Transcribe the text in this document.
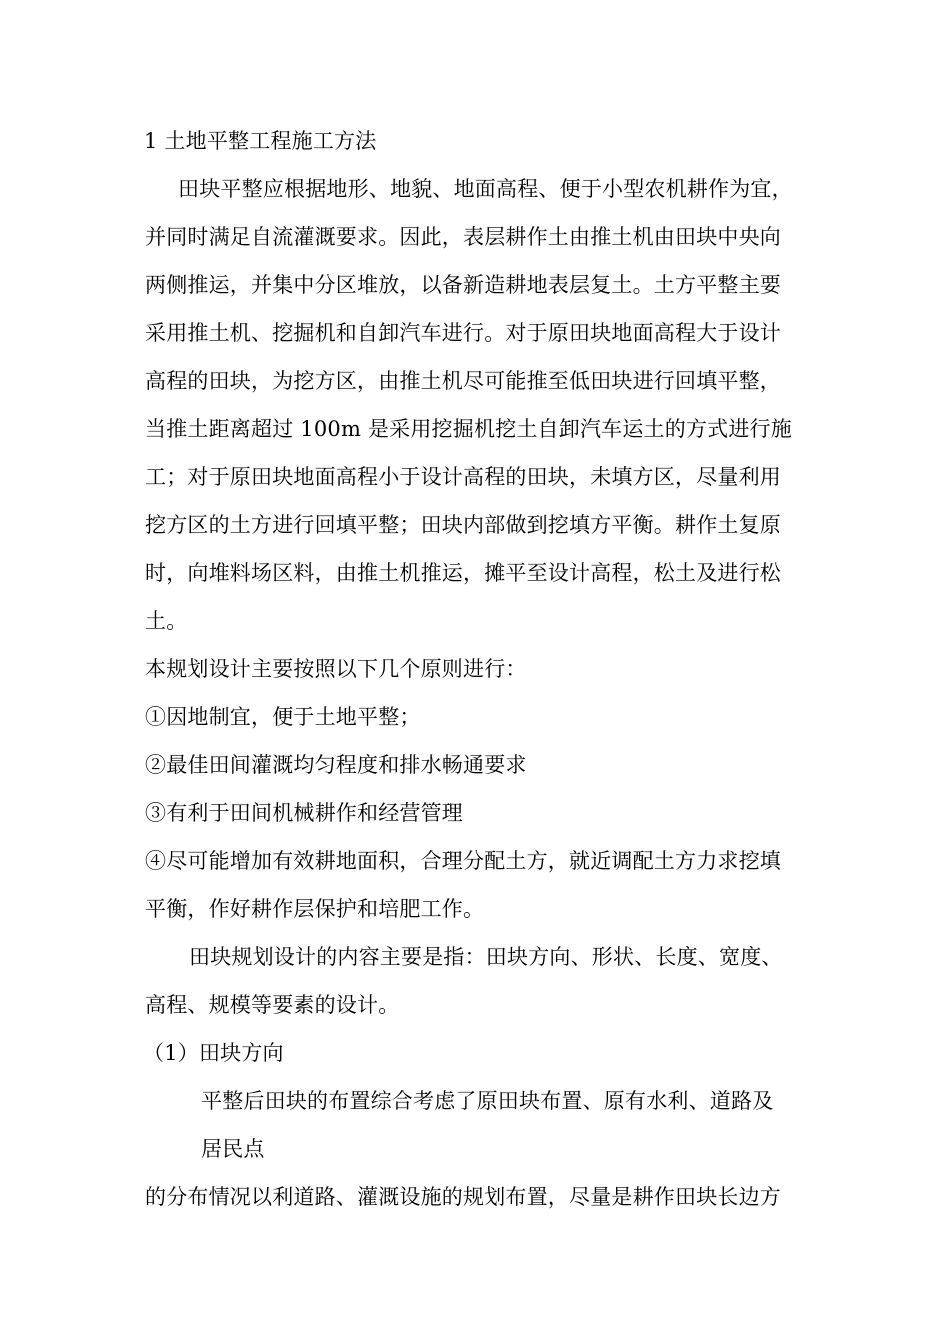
1 土地平整工程施工方法
田块平整应根据地形、地貌、地面高程、便于小型农机耕作为宜，
并同时满足自流灌溉要求。因此，表层耕作土由推土机由田块中央向
两侧推运，并集中分区堆放，以备新造耕地表层复土。土方平整主要
采用推土机、挖掘机和自卸汽车进行。对于原田块地面高程大于设计
高程的田块，为挖方区，由推土机尽可能推至低田块进行回填平整，
当推土距离超过 100m 是采用挖掘机挖土自卸汽车运土的方式进行施
工；对于原田块地面高程小于设计高程的田块，未填方区，尽量利用
挖方区的土方进行回填平整；田块内部做到挖填方平衡。耕作土复原
时，向堆料场区料，由推土机推运，摊平至设计高程，松土及进行松
土。
本规划设计主要按照以下几个原则进行：
①因地制宜，便于土地平整；
②最佳田间灌溉均匀程度和排水畅通要求
③有利于田间机械耕作和经营管理
④尽可能增加有效耕地面积，合理分配土方，就近调配土方力求挖填
平衡，作好耕作层保护和培肥工作。
田块规划设计的内容主要是指：田块方向、形状、长度、宽度、
高程、规模等要素的设计。
（1）田块方向
平整后田块的布置综合考虑了原田块布置、原有水利、道路及
居民点
的分布情况以利道路、灌溉设施的规划布置，尽量是耕作田块长边方
